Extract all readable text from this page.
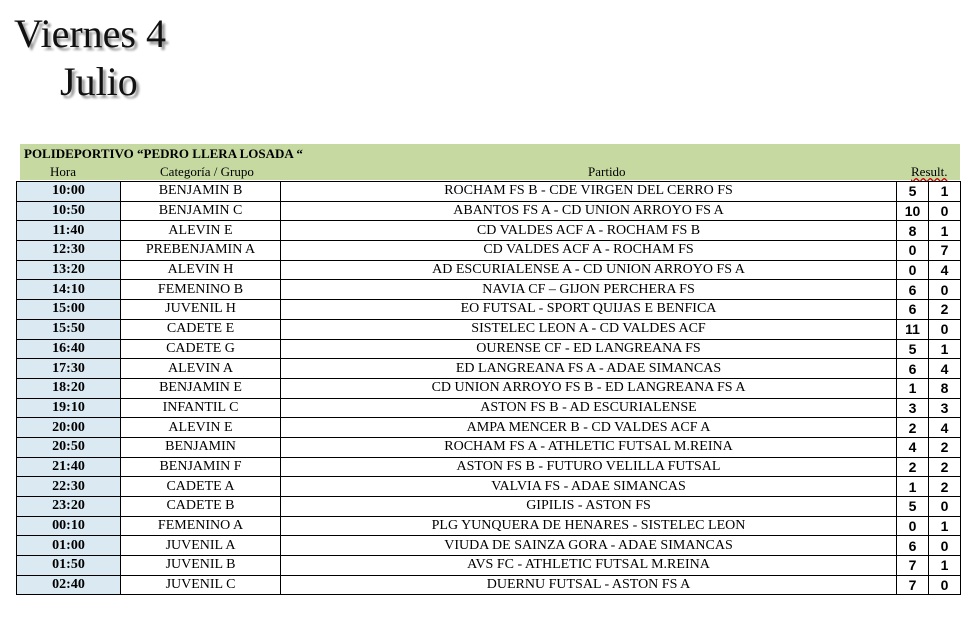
Viernes 4
Julio
POLIDEPORTIVO “PEDRO LLERA LOSADA “
Hora	Categoría / Grupo	Partido	Result.
10:00	BENJAMIN B	ROCHAM FS B - CDE VIRGEN DEL CERRO FS	5	1
10:50	BENJAMIN C	ABANTOS FS A - CD UNION ARROYO FS A	10	0
11:40	ALEVIN E	CD VALDES ACF A - ROCHAM FS B	8	1
12:30	PREBENJAMIN A	CD VALDES ACF A - ROCHAM FS	0	7
13:20	ALEVIN H	AD ESCURIALENSE A - CD UNION ARROYO FS A	0	4
14:10	FEMENINO B	NAVIA CF – GIJON PERCHERA FS	6	0
15:00	JUVENIL H	EO FUTSAL - SPORT QUIJAS E BENFICA	6	2
15:50	CADETE E	SISTELEC LEON A - CD VALDES ACF	11	0
16:40	CADETE G	OURENSE CF - ED LANGREANA FS	5	1
17:30	ALEVIN A	ED LANGREANA FS A - ADAE SIMANCAS	6	4
18:20	BENJAMIN E	CD UNION ARROYO FS B - ED LANGREANA FS A	1	8
19:10	INFANTIL C	ASTON FS B - AD ESCURIALENSE	3	3
20:00	ALEVIN E	AMPA MENCER B - CD VALDES ACF A	2	4
20:50	BENJAMIN	ROCHAM FS A - ATHLETIC FUTSAL M.REINA	4	2
21:40	BENJAMIN F	ASTON FS B - FUTURO VELILLA FUTSAL	2	2
22:30	CADETE A	VALVIA FS - ADAE SIMANCAS	1	2
23:20	CADETE B	GIPILIS - ASTON FS	5	0
00:10	FEMENINO A	PLG YUNQUERA DE HENARES - SISTELEC LEON	0	1
01:00	JUVENIL A	VIUDA DE SAINZA GORA - ADAE SIMANCAS	6	0
01:50	JUVENIL B	AVS FC - ATHLETIC FUTSAL M.REINA	7	1
02:40	JUVENIL C	DUERNU FUTSAL - ASTON FS A	7	0
